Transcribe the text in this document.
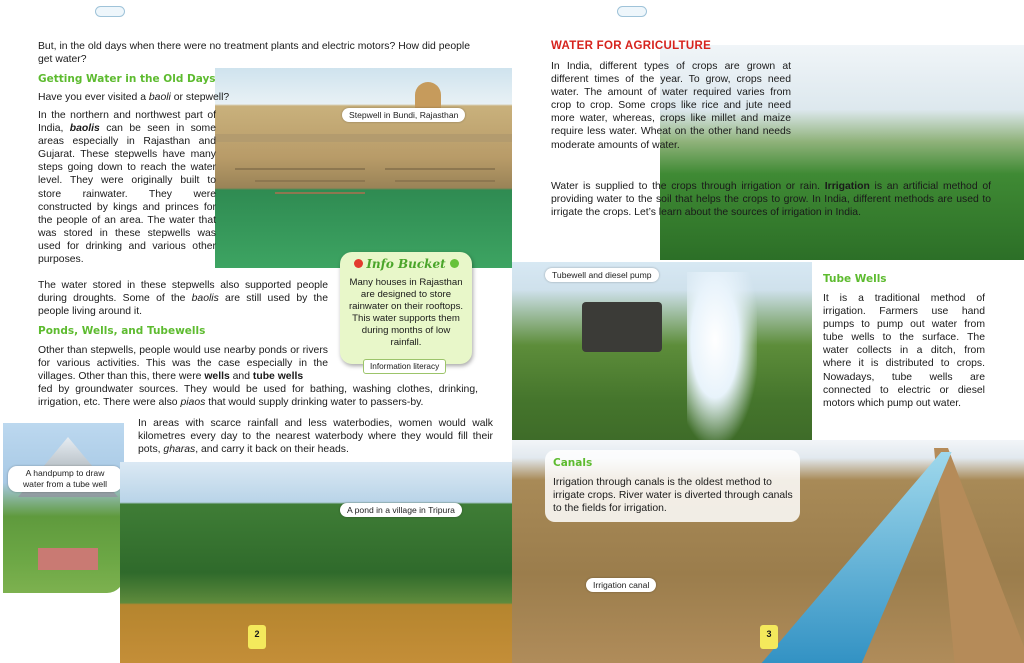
Stepwell in Bundi, Rajasthan

But, in the old days when there were no treatment plants and electric motors? How did people get water?

Getting Water in the Old Days

Have you ever visited a baoli or stepwell?

In the northern and northwest part of India, baolis can be seen in some areas especially in Rajasthan and Gujarat. These stepwells have many steps going down to reach the water level. They were originally built to store rainwater. They were constructed by kings and princes for the people of an area. The water that was stored in these stepwells was used for drinking and various other purposes.

The water stored in these stepwells also supported people during droughts. Some of the baolis are still used by the people living around it.

Ponds, Wells, and Tubewells

Other than stepwells, people would use nearby ponds or rivers for various activities. This was the case especially in the villages. Other than this, there were wells and tube wells

fed by groundwater sources. They would be used for bathing, washing clothes, drinking, irrigation, etc. There were also piaos that would supply drinking water to passers-by.

A handpump to draw water from a tube well

In areas with scarce rainfall and less waterbodies, women would walk kilometres every day to the nearest waterbody where they would fill their pots, gharas, and carry it back on their heads.

A pond in a village in Tripura

Info Bucket

Many houses in Rajasthan are designed to store rainwater on their rooftops. This water supports them during months of low rainfall.

Information literacy
2

WATER FOR AGRICULTURE

In India, different types of crops are grown at different times of the year. To grow, crops need water. The amount of water required varies from crop to crop. Some crops like rice and jute need more water, whereas, crops like millet and maize require less water. Wheat on the other hand needs moderate amounts of water.

Water is supplied to the crops through irrigation or rain. Irrigation is an artificial method of providing water to the soil that helps the crops to grow. In India, different methods are used to irrigate the crops. Let’s learn about the sources of irrigation in India.

Tubewell and diesel pump	Tube Wells

It is a traditional method of irrigation. Farmers use hand pumps to pump out water from tube wells to the surface. The water collects in a ditch, from where it is distributed to crops. Nowadays, tube wells are connected to electric or diesel motors which pump out water.

Canals

Irrigation through canals is the oldest method to irrigate crops. River water is diverted through canals to the fields for irrigation.

Irrigation canal
3
